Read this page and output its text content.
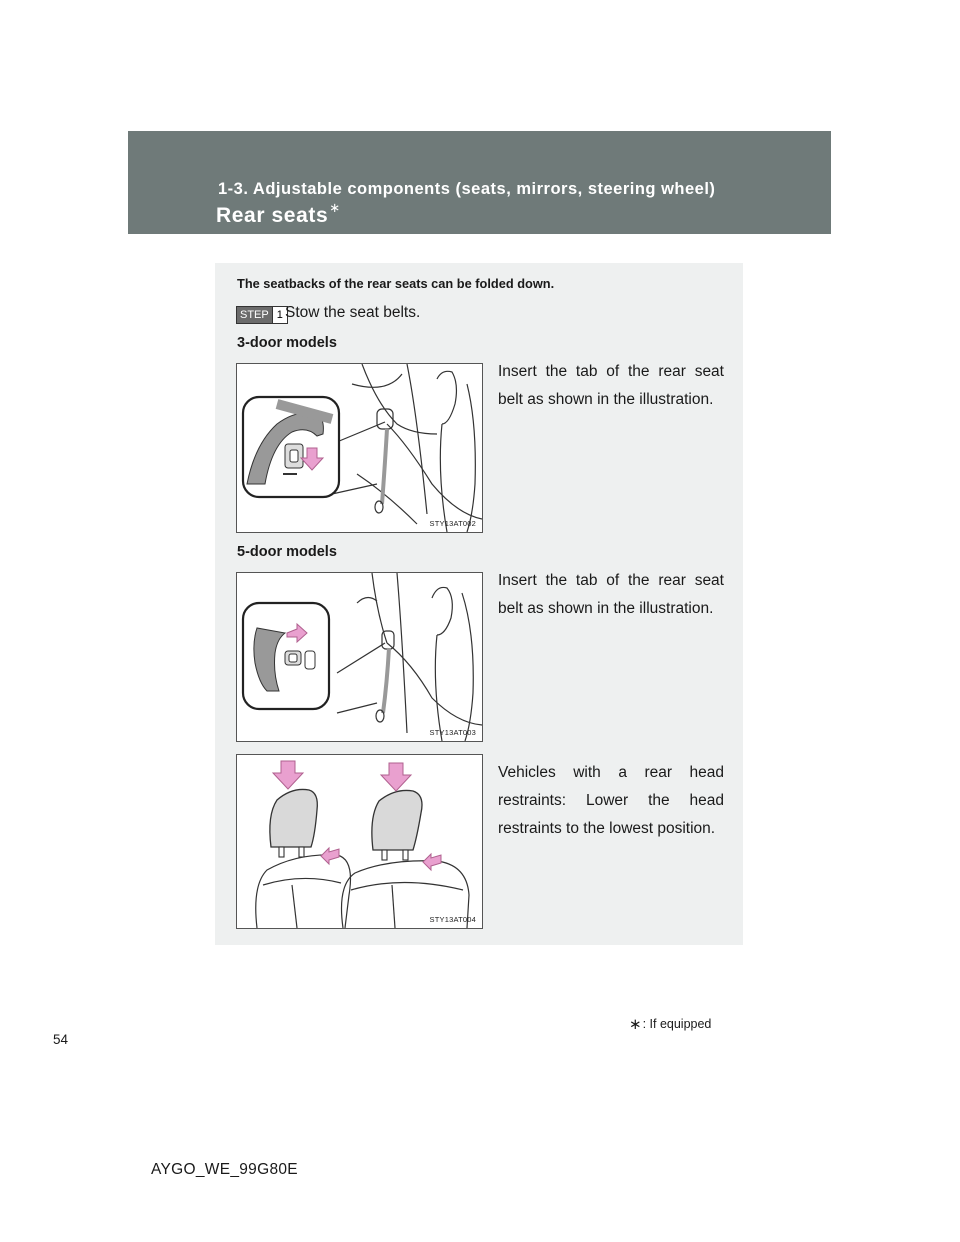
1-3. Adjustable components (seats, mirrors, steering wheel)
Rear seats∗
The seatbacks of the rear seats can be folded down.
STEP 1 Stow the seat belts.
3-door models
Insert the tab of the rear seat belt as shown in the illustration.
STY13AT002
5-door models
Insert the tab of the rear seat belt as shown in the illustration.
STY13AT003
Vehicles with a rear head restraints: Lower the head restraints to the lowest position.
STY13AT004
∗: If equipped
54
AYGO_WE_99G80E
